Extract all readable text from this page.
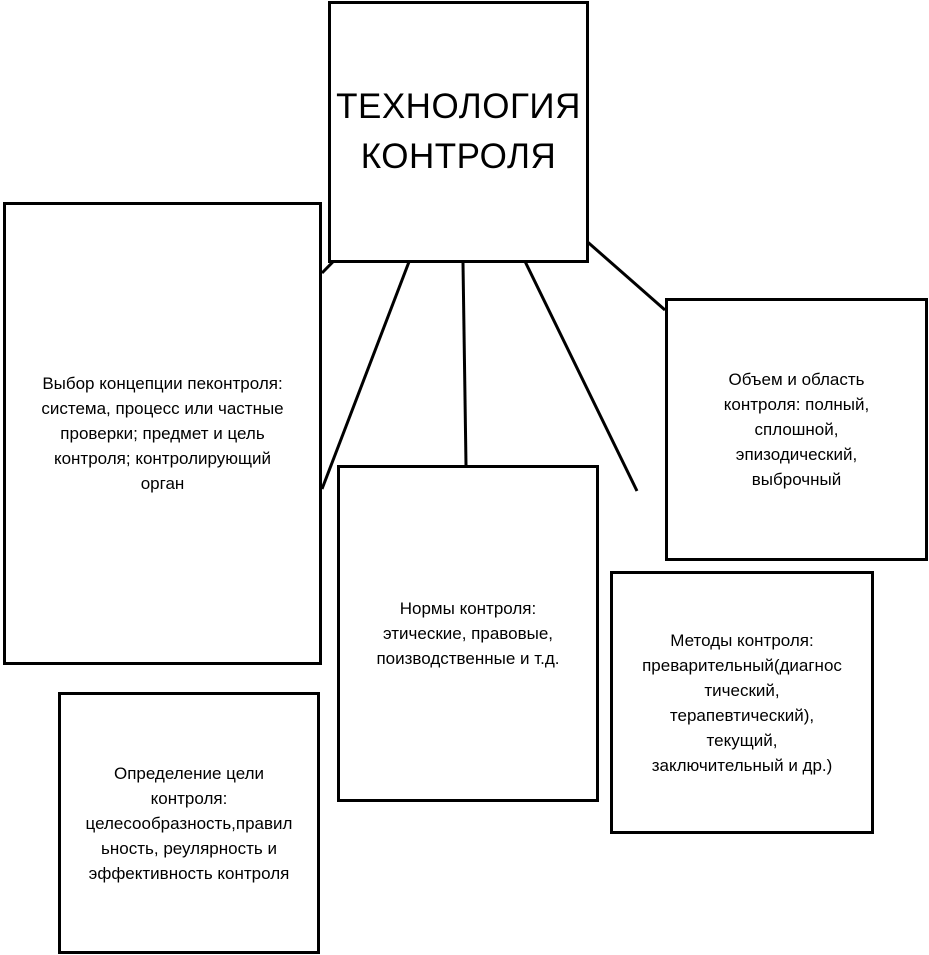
ТЕХНОЛОГИЯ
КОНТРОЛЯ
Выбор концепции пеконтроля:
система, процесс или частные
проверки; предмет и цель
контроля; контролирующий
орган
Определение цели
контроля:
целесообразность,правил
ьность, реулярность и
эффективность контроля
Нормы контроля:
этические, правовые,
поизводственные и т.д.
Методы контроля:
преварительный(диагнос
тический,
терапевтический),
текущий,
заключительный и др.)
Объем и область
контроля: полный,
сплошной,
эпизодический,
выброчный
